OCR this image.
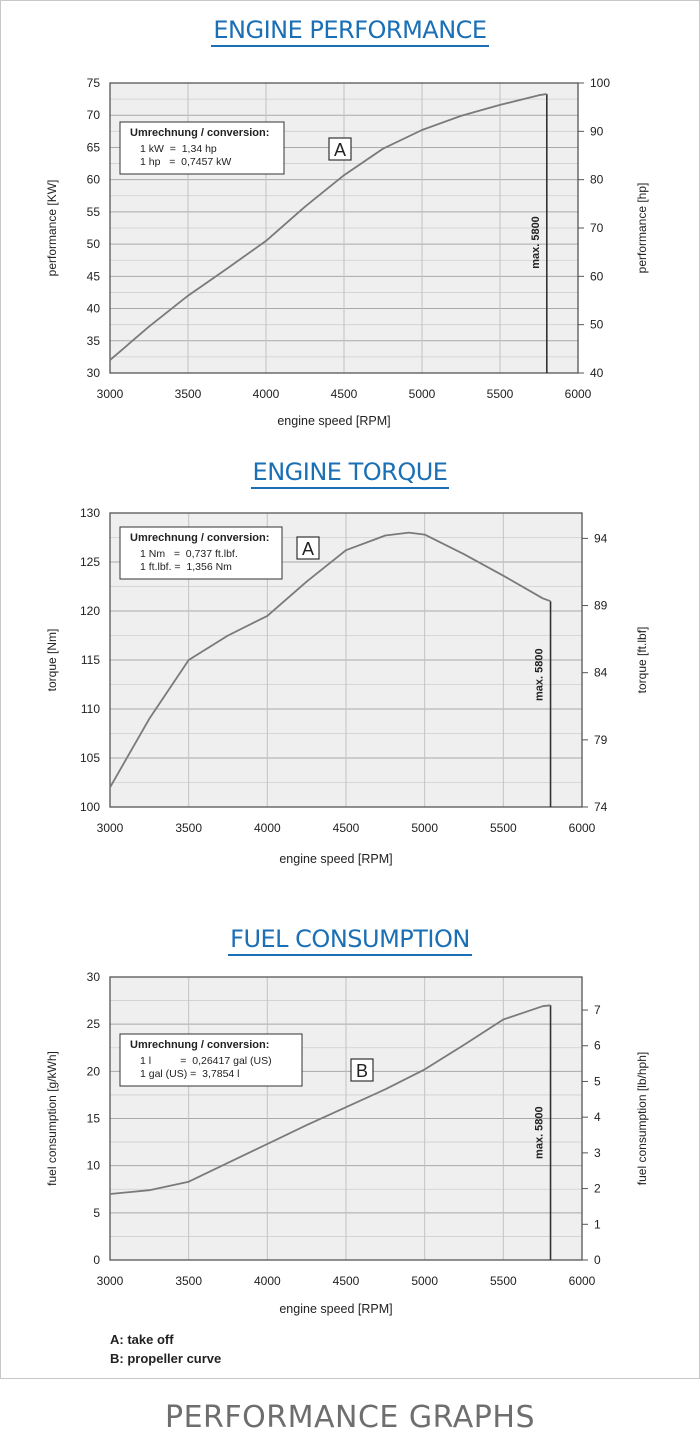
ENGINE PERFORMANCE
30
35
40
45
50
55
60
65
70
75
3000	3500	4000	4500	5000	5500	6000
40
50
60
70
80
90
100
max. 5800
Umrechnung / conversion:
1 kW  =  1,34 hp
1 hp   =  0,7457 kW
A
engine speed [RPM]
performance [KW]	performance [hp]
ENGINE TORQUE
100
105
110
115
120
125
130
3000	3500	4000	4500	5000	5500	6000
74
79
84
89
94
max. 5800
Umrechnung / conversion:
1 Nm   =  0,737 ft.lbf.
1 ft.lbf. =  1,356 Nm
A
engine speed [RPM]
torque [Nm]	torque [ft.lbf]
FUEL CONSUMPTION
0
5
10
15
20
25
30
3000	3500	4000	4500	5000	5500	6000
0
1
2
3
4
5
6
7
max. 5800
Umrechnung / conversion:
1 l          =  0,26417 gal (US)
1 gal (US) =  3,7854 l	B
engine speed [RPM]
fuel consumption [g/kWh]	fuel consumption [lb/hph]
A: take off
B: propeller curve
PERFORMANCE GRAPHS
